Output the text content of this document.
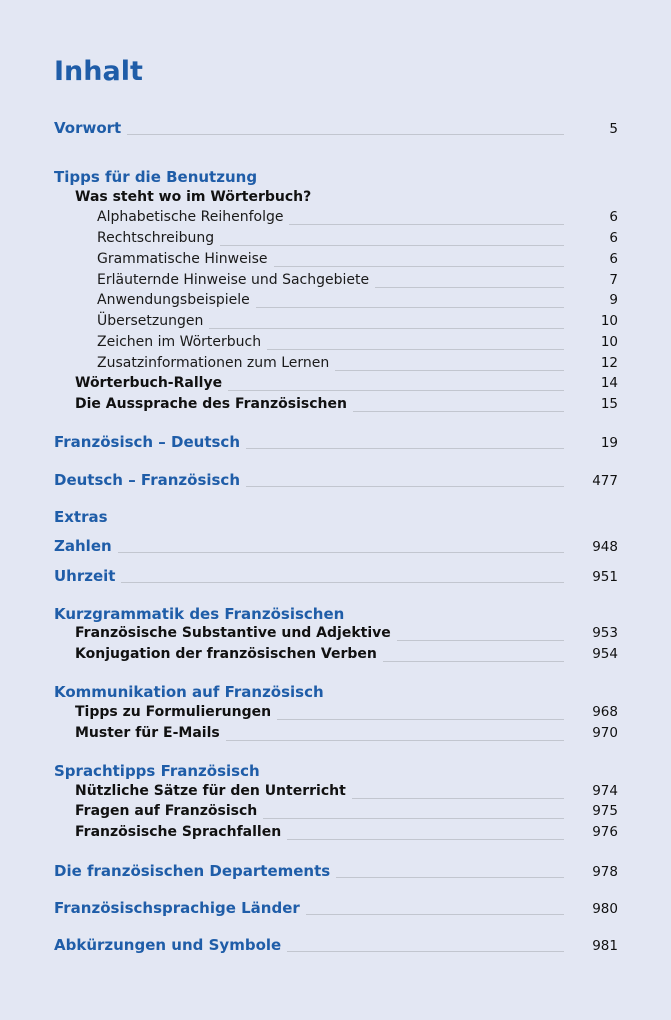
Inhalt
Vorwort	5
Tipps für die Benutzung
Was steht wo im Wörterbuch?
Alphabetische Reihenfolge	6
Rechtschreibung	6
Grammatische Hinweise	6
Erläuternde Hinweise und Sachgebiete	7
Anwendungsbeispiele	9
Übersetzungen	10
Zeichen im Wörterbuch	10
Zusatzinformationen zum Lernen	12
Wörterbuch-Rallye	14
Die Aussprache des Französischen	15
Französisch – Deutsch	19
Deutsch – Französisch	477
Extras
Zahlen	948
Uhrzeit	951
Kurzgrammatik des Französischen
Französische Substantive und Adjektive	953
Konjugation der französischen Verben	954
Kommunikation auf Französisch
Tipps zu Formulierungen	968
Muster für E-Mails	970
Sprachtipps Französisch
Nützliche Sätze für den Unterricht	974
Fragen auf Französisch	975
Französische Sprachfallen	976
Die französischen Departements	978
Französischsprachige Länder	980
Abkürzungen und Symbole	981
